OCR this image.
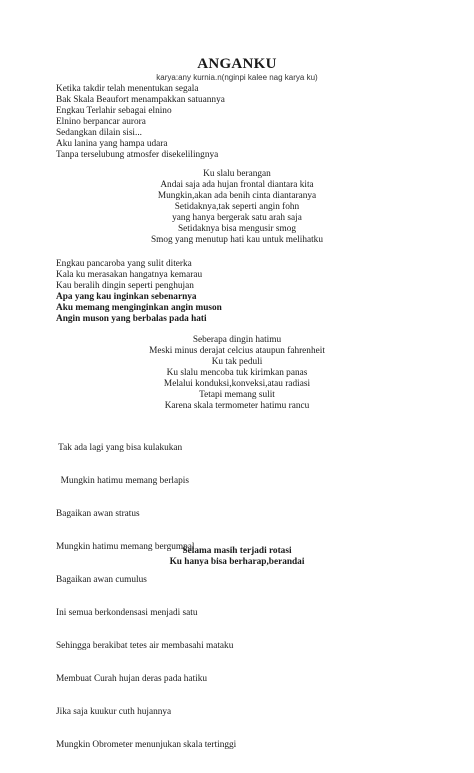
ANGANKU
karya:any kurnia.n(nginpi kalee nag karya ku)
Ketika takdir telah menentukan segala
Bak Skala Beaufort menampakkan satuannya
Engkau Terlahir sebagai elnino
Elnino berpancar aurora
Sedangkan dilain sisi...
Aku lanina yang hampa udara
Tanpa terselubung atmosfer disekelilingnya
Ku slalu berangan
Andai saja ada hujan frontal diantara kita
Mungkin,akan ada benih cinta diantaranya
Setidaknya,tak seperti angin fohn
yang hanya bergerak satu arah saja
Setidaknya bisa mengusir smog
Smog yang menutup hati kau untuk melihatku
Engkau pancaroba yang sulit diterka
Kala ku merasakan hangatnya kemarau
Kau beralih dingin seperti penghujan
Apa yang kau inginkan sebenarnya
Aku memang menginginkan angin muson
Angin muson yang berbalas pada hati
Seberapa dingin hatimu
Meski minus derajat celcius ataupun fahrenheit
Ku tak peduli
Ku slalu mencoba tuk kirimkan panas
Melalui konduksi,konveksi,atau radiasi
Tetapi memang sulit
Karena skala termometer hatimu rancu

Tak ada lagi yang bisa kulakukan

Mungkin hatimu memang berlapis

Bagaikan awan stratus

Mungkin hatimu memang bergumpal

Bagaikan awan cumulus

Ini semua berkondensasi menjadi satu

Sehingga berakibat tetes air membasahi mataku

Membuat Curah hujan deras pada hatiku

Jika saja kuukur cuth hujannya

Mungkin Obrometer menunjukan skala tertinggi

Selama masih terjadi rotasi
Ku hanya bisa berharap,berandai
